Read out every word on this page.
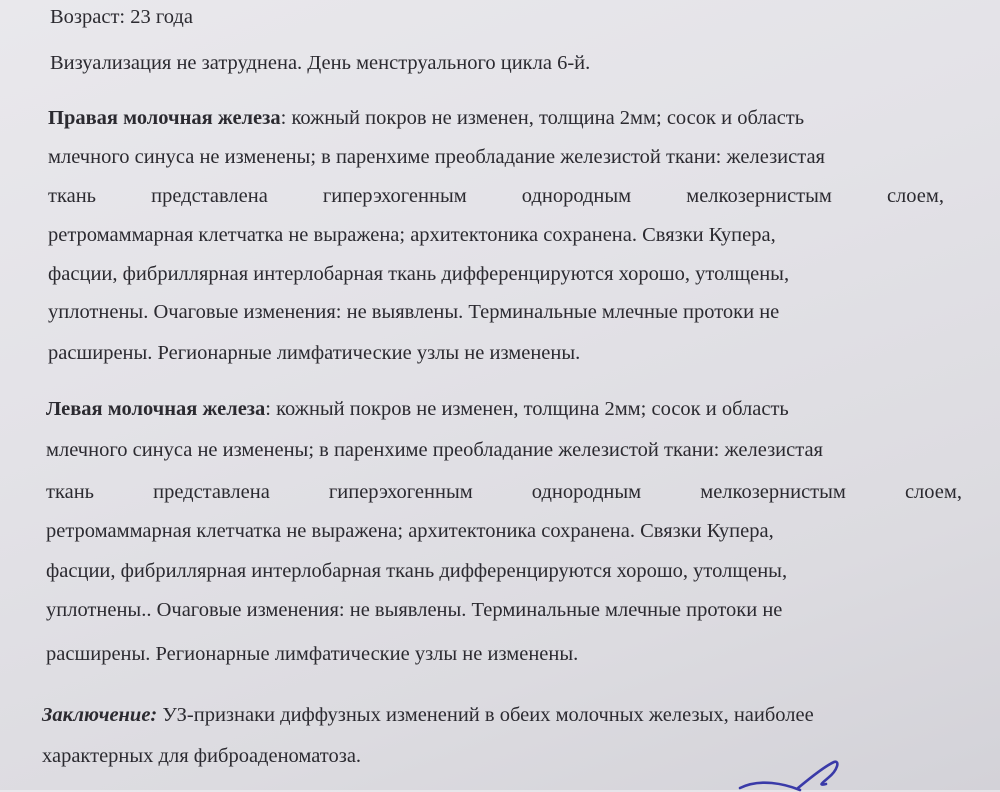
Возраст: 23 года
Визуализация не затруднена. День менструального цикла 6-й.
Правая молочная железа: кожный покров не изменен, толщина 2мм; сосок и область
млечного синуса не изменены; в паренхиме преобладание железистой ткани: железистая
ткань	представлена	гиперэхогенным	однородным	мелкозернистым	слоем,
ретромаммарная клетчатка не выражена; архитектоника сохранена. Связки Купера,
фасции, фибриллярная интерлобарная ткань дифференцируются хорошо, утолщены,
уплотнены. Очаговые изменения: не выявлены. Терминальные млечные протоки не
расширены. Регионарные лимфатические узлы не изменены.
Левая молочная железа: кожный покров не изменен, толщина 2мм; сосок и область
млечного синуса не изменены; в паренхиме преобладание железистой ткани: железистая
ткань	представлена	гиперэхогенным	однородным	мелкозернистым	слоем,
ретромаммарная клетчатка не выражена; архитектоника сохранена. Связки Купера,
фасции, фибриллярная интерлобарная ткань дифференцируются хорошо, утолщены,
уплотнены.. Очаговые изменения: не выявлены. Терминальные млечные протоки не
расширены. Регионарные лимфатические узлы не изменены.
Заключение: УЗ-признаки диффузных изменений в обеих молочных железых, наиболее
характерных для фиброаденоматоза.
